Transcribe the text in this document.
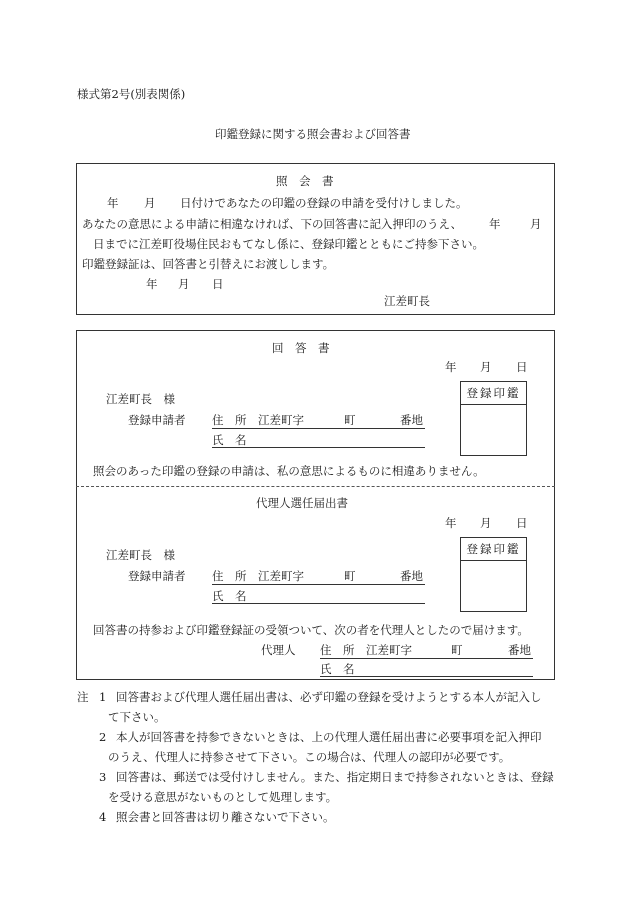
様式第2号(別表関係)
印鑑登録に関する照会書および回答書
照　会　書
年 月 日付けであなたの印鑑の登録の申請を受付けしました。
あなたの意思による申請に相違なければ、下の回答書に記入押印のうえ、 年	月
日までに江差町役場住民おもてなし係に、登録印鑑とともにご持参下さい。
印鑑登録証は、回答書と引替えにお渡しします。
年 月 日
江差町長
回　答　書
年 月 日
江差町長　様
登録申請者 住　所 江差町字	町	番地
氏　名
登録印鑑
照会のあった印鑑の登録の申請は、私の意思によるものに相違ありません。
代理人選任届出書
年 月 日
江差町長　様
登録申請者 住　所 江差町字	町	番地
氏　名
登録印鑑
回答書の持参および印鑑登録証の受領ついて、次の者を代理人としたので届けます。
代理人 住　所 江差町字	町	番地
氏　名
注 1 回答書および代理人選任届出書は、必ず印鑑の登録を受けようとする本人が記入し
て下さい。
2 本人が回答書を持参できないときは、上の代理人選任届出書に必要事項を記入押印
のうえ、代理人に持参させて下さい。この場合は、代理人の認印が必要です。
3 回答書は、郵送では受付けしません。また、指定期日まで持参されないときは、登録
を受ける意思がないものとして処理します。
4 照会書と回答書は切り離さないで下さい。
